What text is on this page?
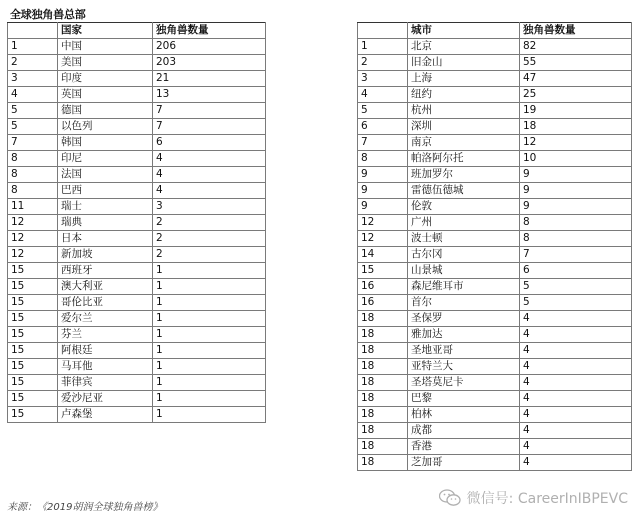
全球独角兽总部
	国家	独角兽数量
1	中国	206
2	美国	203
3	印度	21
4	英国	13
5	德国	7
5	以色列	7
7	韩国	6
8	印尼	4
8	法国	4
8	巴西	4
11	瑞士	3
12	瑞典	2
12	日本	2
12	新加坡	2
15	西班牙	1
15	澳大利亚	1
15	哥伦比亚	1
15	爱尔兰	1
15	芬兰	1
15	阿根廷	1
15	马耳他	1
15	菲律宾	1
15	爱沙尼亚	1
15	卢森堡	1
	城市	独角兽数量
1	北京	82
2	旧金山	55
3	上海	47
4	纽约	25
5	杭州	19
6	深圳	18
7	南京	12
8	帕洛阿尔托	10
9	班加罗尔	9
9	雷德伍德城	9
9	伦敦	9
12	广州	8
12	波士顿	8
14	古尔冈	7
15	山景城	6
16	森尼维耳市	5
16	首尔	5
18	圣保罗	4
18	雅加达	4
18	圣地亚哥	4
18	亚特兰大	4
18	圣塔莫尼卡	4
18	巴黎	4
18	柏林	4
18	成都	4
18	香港	4
18	芝加哥	4
来源：《2019胡润全球独角兽榜》
微信号: CareerInIBPEVC
